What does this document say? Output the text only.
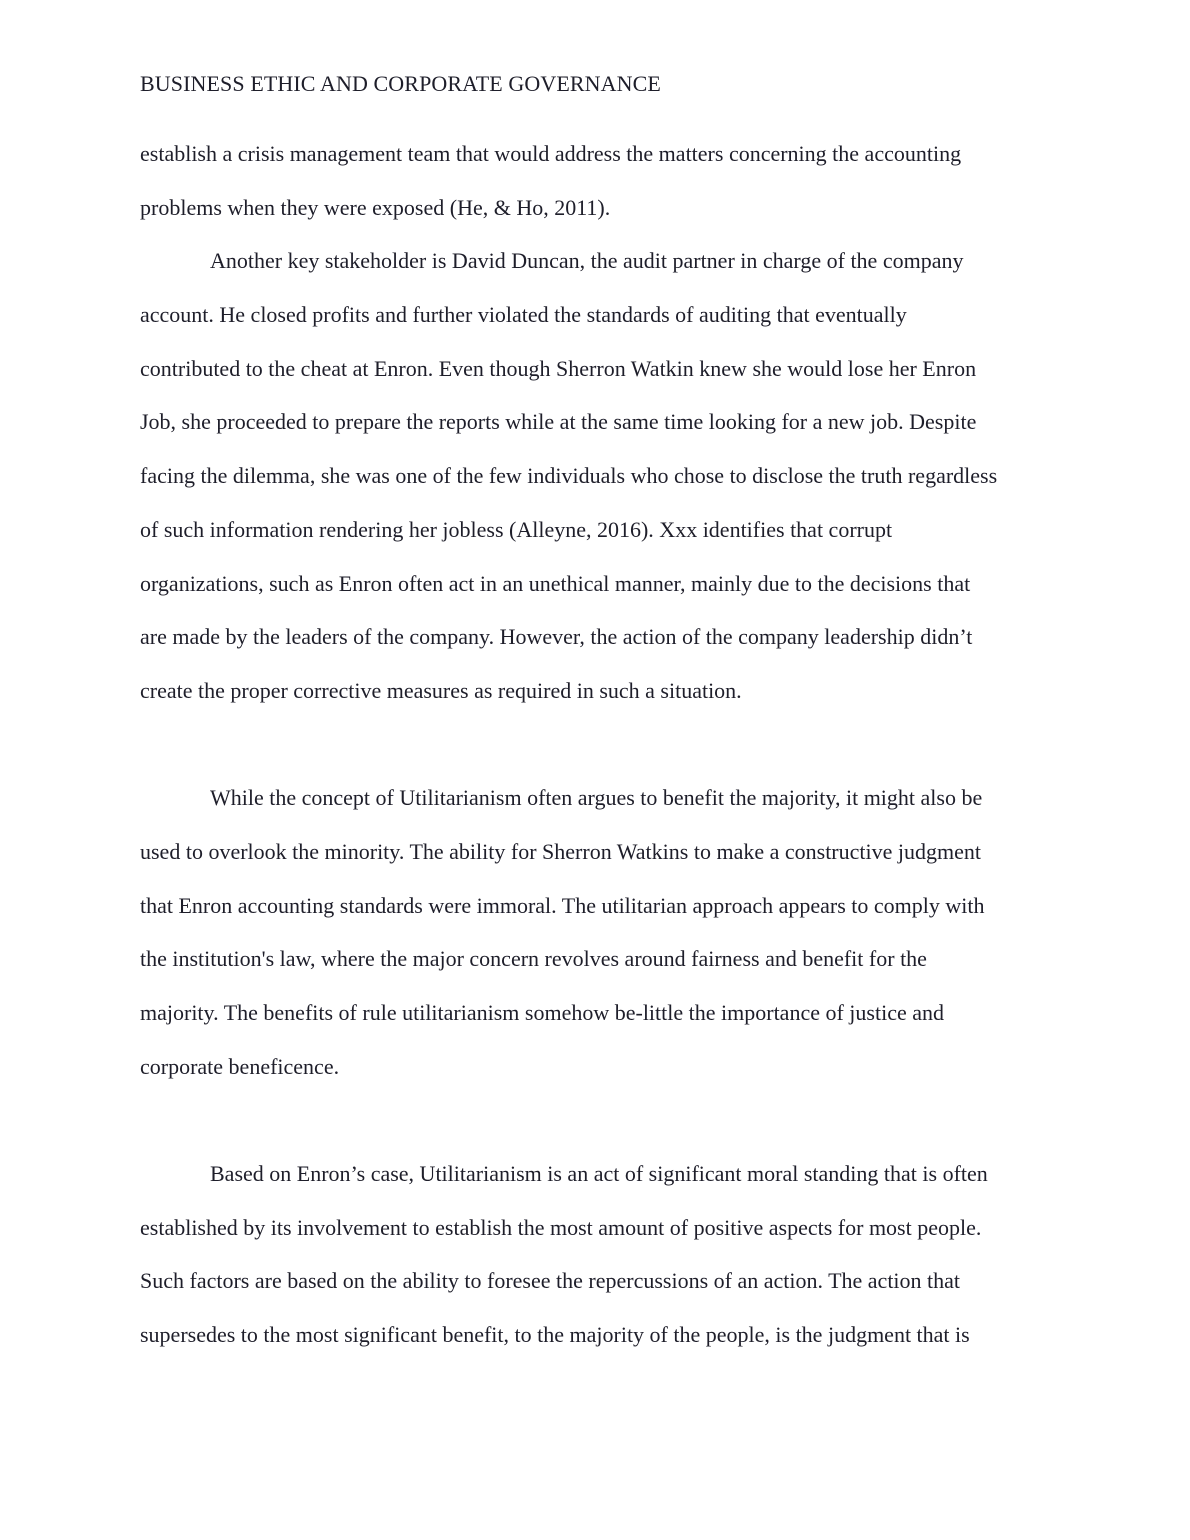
BUSINESS ETHIC AND CORPORATE GOVERNANCE
establish a crisis management team that would address the matters concerning the accounting
problems when they were exposed (He, & Ho, 2011).
Another key stakeholder is David Duncan, the audit partner in charge of the company
account. He closed profits and further violated the standards of auditing that eventually
contributed to the cheat at Enron. Even though Sherron Watkin knew she would lose her Enron
Job, she proceeded to prepare the reports while at the same time looking for a new job. Despite
facing the dilemma, she was one of the few individuals who chose to disclose the truth regardless
of such information rendering her jobless (Alleyne, 2016). Xxx identifies that corrupt
organizations, such as Enron often act in an unethical manner, mainly due to the decisions that
are made by the leaders of the company. However, the action of the company leadership didn’t
create the proper corrective measures as required in such a situation.
While the concept of Utilitarianism often argues to benefit the majority, it might also be
used to overlook the minority. The ability for Sherron Watkins to make a constructive judgment
that Enron accounting standards were immoral. The utilitarian approach appears to comply with
the institution's law, where the major concern revolves around fairness and benefit for the
majority. The benefits of rule utilitarianism somehow be-little the importance of justice and
corporate beneficence.
Based on Enron’s case, Utilitarianism is an act of significant moral standing that is often
established by its involvement to establish the most amount of positive aspects for most people.
Such factors are based on the ability to foresee the repercussions of an action. The action that
supersedes to the most significant benefit, to the majority of the people, is the judgment that is
